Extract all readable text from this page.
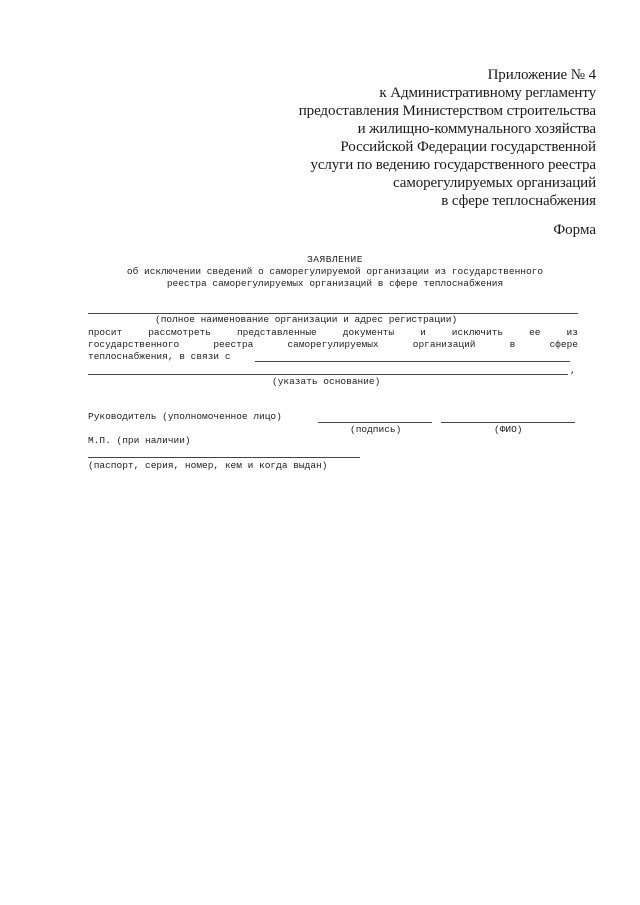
Приложение № 4
к Административному регламенту
предоставления Министерством строительства
и жилищно-коммунального хозяйства
Российской Федерации государственной
услуги по ведению государственного реестра
саморегулируемых организаций
в сфере теплоснабжения
Форма
ЗАЯВЛЕНИЕ
об исключении сведений о саморегулируемой организации из государственного
реестра саморегулируемых организаций в сфере теплоснабжения
(полное наименование организации и адрес регистрации)
просит	рассмотреть	представленные	документы	и	исключить	ее	из
государственного	реестра	саморегулируемых	организаций	в	сфере
теплоснабжения, в связи с
,
(указать основание)
Руководитель (уполномоченное лицо)
(подпись)	(ФИО)
М.П. (при наличии)
(паспорт, серия, номер, кем и когда выдан)
